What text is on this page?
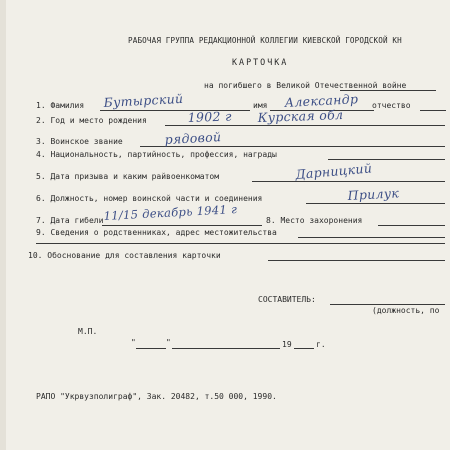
РАБОЧАЯ ГРУППА РЕДАКЦИОННОЙ КОЛЛЕГИИ КИЕВСКОЙ ГОРОДСКОЙ КН
КАРТОЧКА
на погибшего в Великой Отечественной войне
1. Фамилия Бутырский	имя Александр отчество
2. Год и место рождения	1902 г Курская обл
3. Воинское звание	рядовой
4. Национальность, партийность, профессия, награды
5. Дата призыва и каким райвоенкоматом	Дарницкий
6. Должность, номер воинской части и соединения	Прилук
7. Дата гибели 11/15 декабрь 1941 г	8. Место захоронения
9. Сведения о родственниках, адрес местожительства
10. Обоснование для составления карточки
СОСТАВИТЕЛЬ:
(должность, по
М.П.
"	"	19	г.
РАПО "Укрвузполиграф", Зак. 20482, т.50 000, 1990.
